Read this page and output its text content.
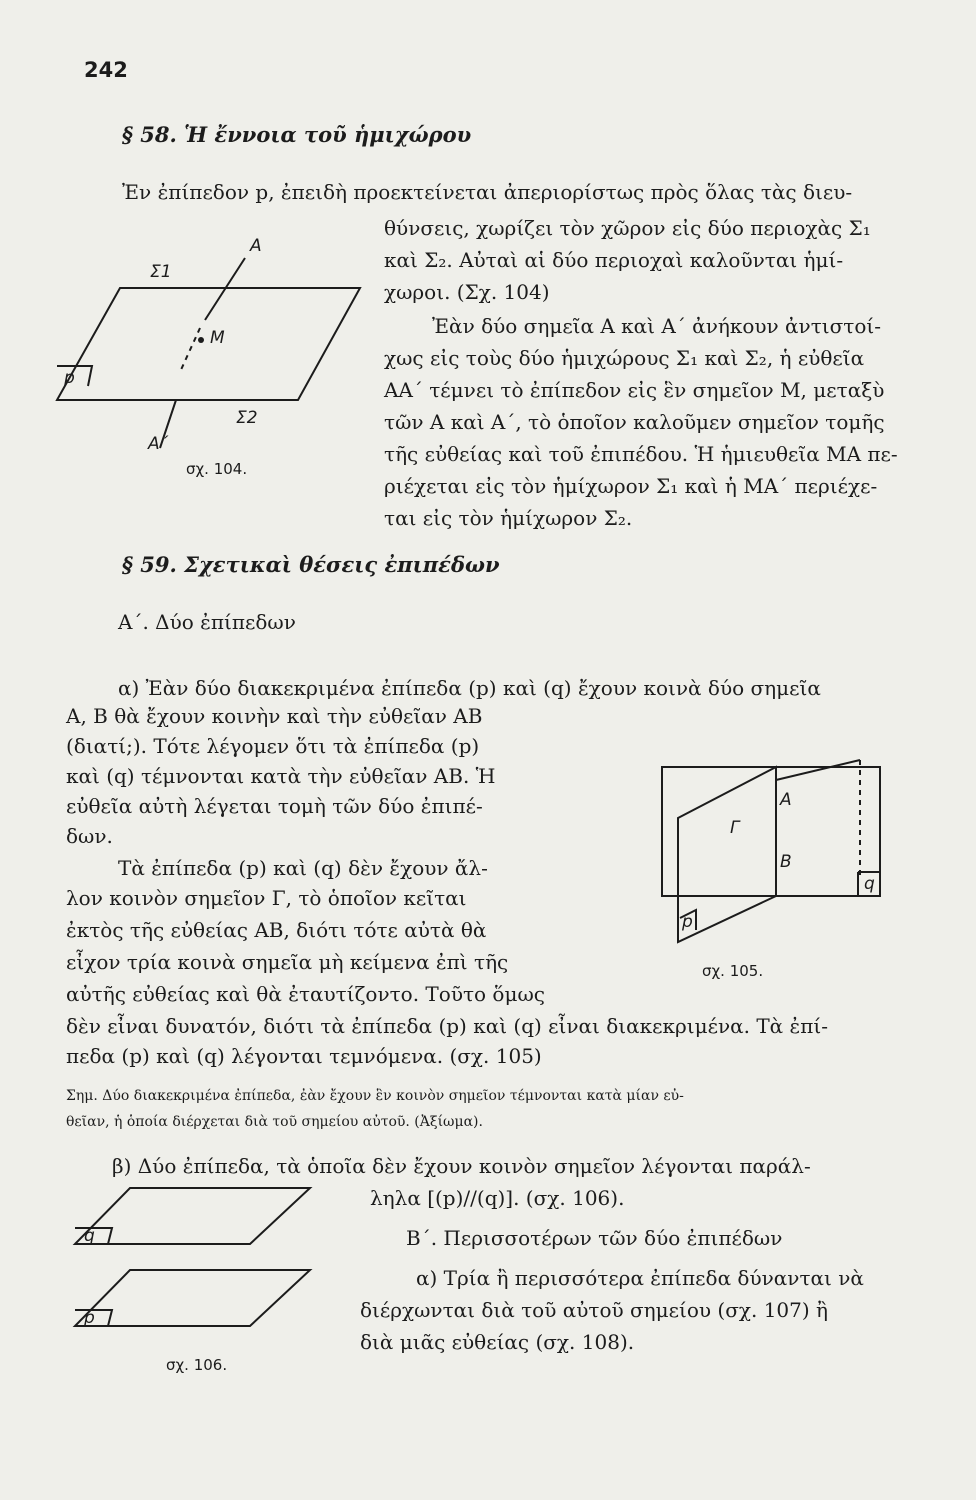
242
§ 58. Ἡ ἔννοια τοῦ ἡμιχώρου
Ἐν ἐπίπεδον p, ἐπειδὴ προεκτείνεται ἀπεριορίστως πρὸς ὅλας τὰς διευ-
θύνσεις, χωρίζει τὸν χῶρον εἰς δύο περιοχὰς Σ₁
καὶ Σ₂. Αὐταὶ αἱ δύο περιοχαὶ καλοῦνται ἡμί-
χωροι. (Σχ. 104)
Ἐὰν δύο σημεῖα Α καὶ Α΄ ἀνήκουν ἀντιστοί-
χως εἰς τοὺς δύο ἡμιχώρους Σ₁ καὶ Σ₂, ἡ εὐθεῖα
ΑΑ΄ τέμνει τὸ ἐπίπεδον εἰς ἓν σημεῖον Μ, μεταξὺ
τῶν Α καὶ Α΄, τὸ ὁποῖον καλοῦμεν σημεῖον τομῆς
τῆς εὐθείας καὶ τοῦ ἐπιπέδου. Ἡ ἡμιευθεῖα ΜΑ πε-
ριέχεται εἰς τὸν ἡμίχωρον Σ₁ καὶ ἡ ΜΑ΄ περιέχε-
ται εἰς τὸν ἡμίχωρον Σ₂.
Σ1
A
M
p
Σ2
A΄
σχ. 104.
§ 59. Σχετικαὶ θέσεις ἐπιπέδων
Α΄. Δύο ἐπίπεδων
α) Ἐὰν δύο διακεκριμένα ἐπίπεδα (p) καὶ (q) ἔχουν κοινὰ δύο σημεῖα
Α, Β θὰ ἔχουν κοινὴν καὶ τὴν εὐθεῖαν ΑΒ
(διατί;). Τότε λέγομεν ὅτι τὰ ἐπίπεδα (p)
καὶ (q) τέμνονται κατὰ τὴν εὐθεῖαν ΑΒ. Ἡ
εὐθεῖα αὐτὴ λέγεται τομὴ τῶν δύο ἐπιπέ-
δων.
Τὰ ἐπίπεδα (p) καὶ (q) δὲν ἔχουν ἄλ-
λον κοινὸν σημεῖον Γ, τὸ ὁποῖον κεῖται
ἐκτὸς τῆς εὐθείας ΑΒ, διότι τότε αὐτὰ θὰ
εἶχον τρία κοινὰ σημεῖα μὴ κείμενα ἐπὶ τῆς
αὐτῆς εὐθείας καὶ θὰ ἐταυτίζοντο. Τοῦτο ὅμως
δὲν εἶναι δυνατόν, διότι τὰ ἐπίπεδα (p) καὶ (q) εἶναι διακεκριμένα. Τὰ ἐπί-
πεδα (p) καὶ (q) λέγονται τεμνόμενα. (σχ. 105)
A
Γ
B
q
p
σχ. 105.
Σημ. Δύο διακεκριμένα ἐπίπεδα, ἐὰν ἔχουν ἓν κοινὸν σημεῖον τέμνονται κατὰ μίαν εὐ-
θεῖαν, ἡ ὁποία διέρχεται διὰ τοῦ σημείου αὐτοῦ. (Ἀξίωμα).
β) Δύο ἐπίπεδα, τὰ ὁποῖα δὲν ἔχουν κοινὸν σημεῖον λέγονται παράλ-
ληλα [(p)//(q)]. (σχ. 106).
Β΄. Περισσοτέρων τῶν δύο ἐπιπέδων
α) Τρία ἢ περισσότερα ἐπίπεδα δύνανται νὰ
διέρχωνται διὰ τοῦ αὐτοῦ σημείου (σχ. 107) ἢ
διὰ μιᾶς εὐθείας (σχ. 108).
q
p
σχ. 106.
